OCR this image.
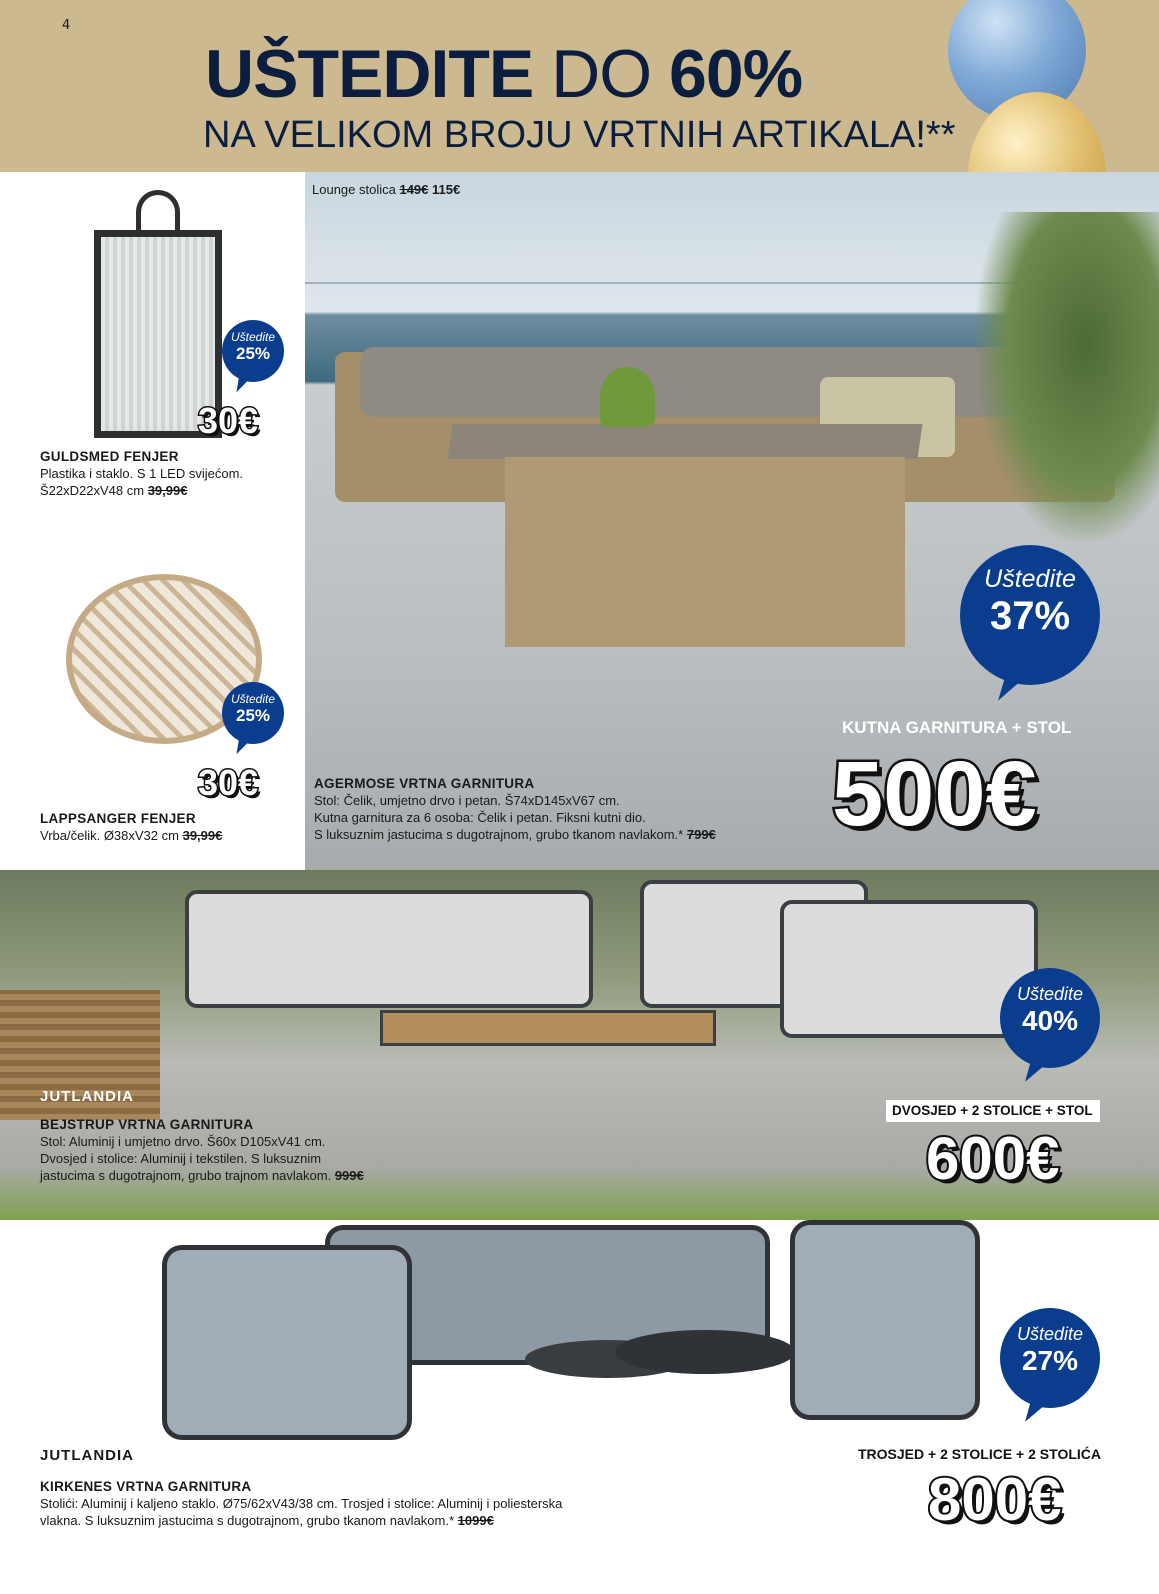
4
UŠTEDITE DO 60%
NA VELIKOM BROJU VRTNIH ARTIKALA!**
Lounge stolica 149€ 115€
Uštedite
25%
30€
GULDSMED FENJER
Plastika i staklo. S 1 LED svijećom.
Š22xD22xV48 cm 39,99€
Uštedite
25%
30€
LAPPSANGER FENJER
Vrba/čelik. Ø38xV32 cm 39,99€
Uštedite
37%
KUTNA GARNITURA + STOL
500€
AGERMOSE VRTNA GARNITURA
Stol: Čelik, umjetno drvo i petan. Š74xD145xV67 cm.
Kutna garnitura za 6 osoba: Čelik i petan. Fiksni kutni dio.
S luksuznim jastucima s dugotrajnom, grubo tkanom navlakom.* 799€
JUTLANDIA
BEJSTRUP VRTNA GARNITURA
Stol: Aluminij i umjetno drvo. Š60x D105xV41 cm.
Dvosjed i stolice: Aluminij i tekstilen. S luksuznim
jastucima s dugotrajnom, grubo trajnom navlakom. 999€
Uštedite
40%
DVOSJED + 2 STOLICE + STOL
600€
Uštedite
27%
JUTLANDIA	TROSJED + 2 STOLICE + 2 STOLIĆA
800€
KIRKENES VRTNA GARNITURA
Stolići: Aluminij i kaljeno staklo. Ø75/62xV43/38 cm. Trosjed i stolice: Aluminij i poliesterska
vlakna. S luksuznim jastucima s dugotrajnom, grubo tkanom navlakom.* 1099€
